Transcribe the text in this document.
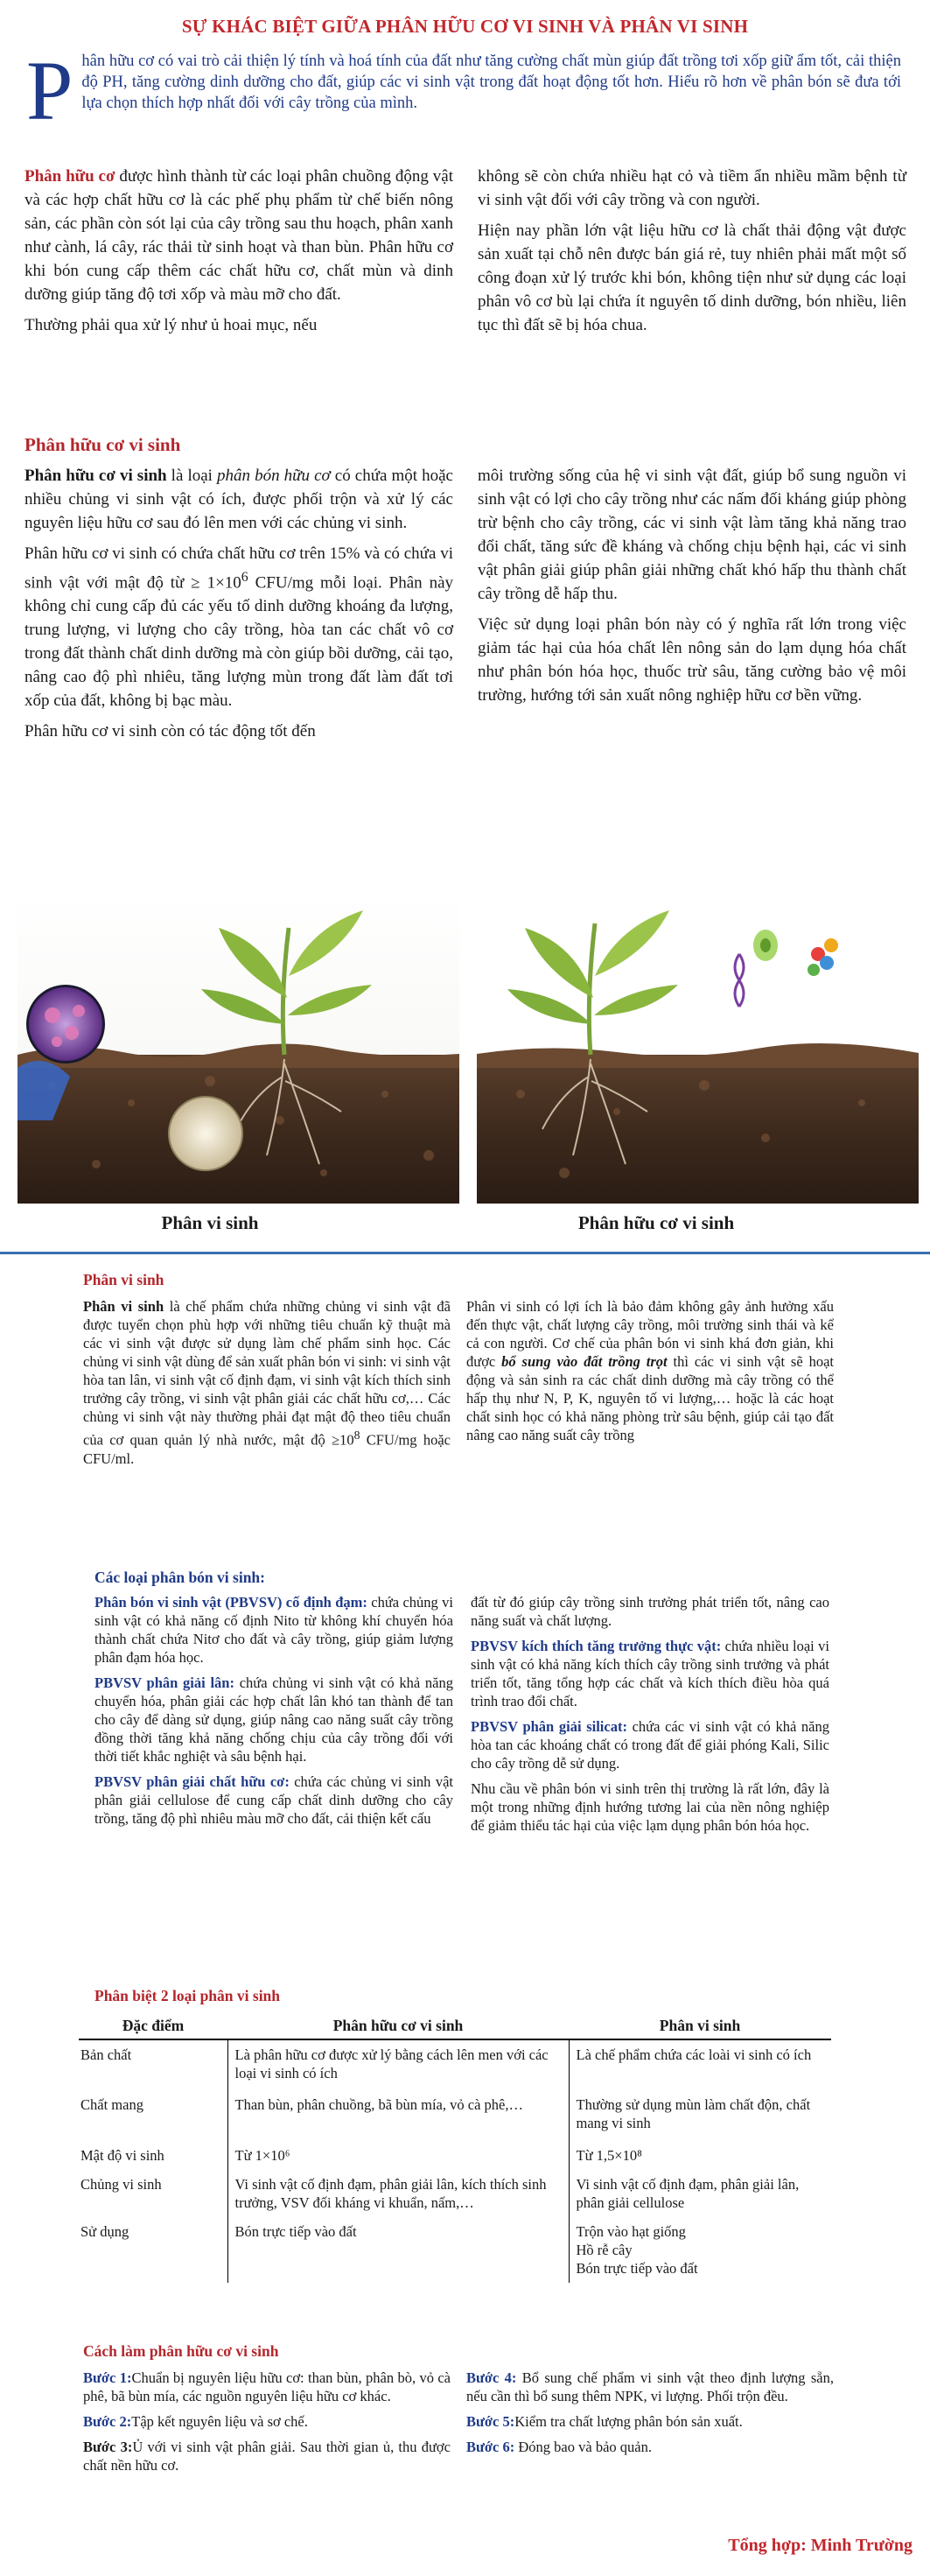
SỰ KHÁC BIỆT GIỮA PHÂN HỮU CƠ VI SINH VÀ PHÂN VI SINH
P hân hữu cơ có vai trò cải thiện lý tính và hoá tính của đất như tăng cường chất mùn giúp đất trồng tơi xốp giữ ẩm tốt, cải thiện độ PH, tăng cường dinh dưỡng cho đất, giúp các vi sinh vật trong đất hoạt động tốt hơn. Hiểu rõ hơn về phân bón sẽ đưa tới lựa chọn thích hợp nhất đối với cây trồng của mình.

Phân hữu cơ được hình thành từ các loại phân chuồng động vật và các hợp chất hữu cơ là các phế phụ phẩm từ chế biến nông sản, các phần còn sót lại của cây trồng sau thu hoạch, phân xanh như cành, lá cây, rác thải từ sinh hoạt và than bùn. Phân hữu cơ khi bón cung cấp thêm các chất hữu cơ, chất mùn và dinh dưỡng giúp tăng độ tơi xốp và màu mỡ cho đất.

Thường phải qua xử lý như ủ hoai mục, nếu

không sẽ còn chứa nhiều hạt cỏ và tiềm ẩn nhiều mầm bệnh từ vi sinh vật đối với cây trồng và con người.

Hiện nay phần lớn vật liệu hữu cơ là chất thải động vật được sản xuất tại chỗ nên được bán giá rẻ, tuy nhiên phải mất một số công đoạn xử lý trước khi bón, không tiện như sử dụng các loại phân vô cơ bù lại chứa ít nguyên tố dinh dưỡng, bón nhiều, liên tục thì đất sẽ bị hóa chua.

Phân hữu cơ vi sinh

Phân hữu cơ vi sinh là loại phân bón hữu cơ có chứa một hoặc nhiều chủng vi sinh vật có ích, được phối trộn và xử lý các nguyên liệu hữu cơ sau đó lên men với các chủng vi sinh.

Phân hữu cơ vi sinh có chứa chất hữu cơ trên 15% và có chứa vi sinh vật với mật độ từ ≥ $1\times 10^6$ CFU/mg mỗi loại. Phân này không chỉ cung cấp đủ các yếu tố dinh dưỡng khoáng đa lượng, trung lượng, vi lượng cho cây trồng, hòa tan các chất vô cơ trong đất thành chất dinh dưỡng mà còn giúp bồi dưỡng, cải tạo, nâng cao độ phì nhiêu, tăng lượng mùn trong đất làm đất tơi xốp của đất, không bị bạc màu.

Phân hữu cơ vi sinh còn có tác động tốt đến

môi trường sống của hệ vi sinh vật đất, giúp bổ sung nguồn vi sinh vật có lợi cho cây trồng như các nấm đối kháng giúp phòng trừ bệnh cho cây trồng, các vi sinh vật làm tăng khả năng trao đổi chất, tăng sức đề kháng và chống chịu bệnh hại, các vi sinh vật phân giải giúp phân giải những chất khó hấp thu thành chất cây trồng dễ hấp thu.

Việc sử dụng loại phân bón này có ý nghĩa rất lớn trong việc giảm tác hại của hóa chất lên nông sản do lạm dụng hóa chất như phân bón hóa học, thuốc trừ sâu, tăng cường bảo vệ môi trường, hướng tới sản xuất nông nghiệp hữu cơ bền vững.

Phân vi sinh	Phân hữu cơ vi sinh
Phân vi sinh

Phân vi sinh là chế phẩm chứa những chủng vi sinh vật đã được tuyển chọn phù hợp với những tiêu chuẩn kỹ thuật mà các vi sinh vật được sử dụng làm chế phẩm sinh học. Các chủng vi sinh vật dùng để sản xuất phân bón vi sinh: vi sinh vật hòa tan lân, vi sinh vật cố định đạm, vi sinh vật kích thích sinh trưởng cây trồng, vi sinh vật phân giải các chất hữu cơ,… Các chủng vi sinh vật này thường phải đạt mật độ theo tiêu chuẩn của cơ quan quản lý nhà nước, mật độ $\ge 10^8$ CFU/mg hoặc CFU/ml.

Phân vi sinh có lợi ích là bảo đảm không gây ảnh hưởng xấu đến thực vật, chất lượng cây trồng, môi trường sinh thái và kể cả con người. Cơ chế của phân bón vi sinh khá đơn giản, khi được bổ sung vào đất trồng trọt thì các vi sinh vật sẽ hoạt động và sản sinh ra các chất dinh dưỡng mà cây trồng có thể hấp thụ như N, P, K, nguyên tố vi lượng,… hoặc là các hoạt chất sinh học có khả năng phòng trừ sâu bệnh, giúp cải tạo đất nâng cao năng suất cây trồng

Các loại phân bón vi sinh:

Phân bón vi sinh vật (PBVSV) cố định đạm: chứa chủng vi sinh vật có khả năng cố định Nito từ không khí chuyển hóa thành chất chứa Nitơ cho đất và cây trồng, giúp giảm lượng phân đạm hóa học.

PBVSV phân giải lân: chứa chủng vi sinh vật có khả năng chuyển hóa, phân giải các hợp chất lân khó tan thành để tan cho cây để dàng sử dụng, giúp nâng cao năng suất cây trồng đồng thời tăng khả năng chống chịu của cây trồng đối với thời tiết khắc nghiệt và sâu bệnh hại.

PBVSV phân giải chất hữu cơ: chứa các chủng vi sinh vật phân giải cellulose để cung cấp chất dinh dưỡng cho cây trồng, tăng độ phì nhiêu màu mỡ cho đất, cải thiện kết cấu

đất từ đó giúp cây trồng sinh trưởng phát triển tốt, nâng cao năng suất và chất lượng.

PBVSV kích thích tăng trưởng thực vật: chứa nhiều loại vi sinh vật có khả năng kích thích cây trồng sinh trưởng và phát triển tốt, tăng tổng hợp các chất và kích thích điều hòa quá trình trao đổi chất.

PBVSV phân giải silicat: chứa các vi sinh vật có khả năng hòa tan các khoáng chất có trong đất để giải phóng Kali, Silic cho cây trồng dễ sử dụng.

Nhu cầu về phân bón vi sinh trên thị trường là rất lớn, đây là một trong những định hướng tương lai của nền nông nghiệp để giảm thiểu tác hại của việc lạm dụng phân bón hóa học.

Phân biệt 2 loại phân vi sinh
Đặc điểm	Phân hữu cơ vi sinh	Phân vi sinh
Bản chất	Là phân hữu cơ được xử lý bằng cách lên men với các loại vi sinh có ích	Là chế phẩm chứa các loài vi sinh có ích
Chất mang	Than bùn, phân chuồng, bã bùn mía, vỏ cà phê,…	Thường sử dụng mùn làm chất độn, chất mang vi sinh
Mật độ vi sinh	Từ 1×10⁶	Từ 1,5×10⁸
Chủng vi sinh	Vi sinh vật cố định đạm, phân giải lân, kích thích sinh trưởng, VSV đối kháng vi khuẩn, nấm,…	Vi sinh vật cố định đạm, phân giải lân, phân giải cellulose
Sử dụng	Bón trực tiếp vào đất	Trộn vào hạt giống
Hồ rễ cây
Bón trực tiếp vào đất
Cách làm phân hữu cơ vi sinh

Bước 1:Chuẩn bị nguyên liệu hữu cơ: than bùn, phân bò, vỏ cà phê, bã bùn mía, các nguồn nguyên liệu hữu cơ khác.

Bước 2:Tập kết nguyên liệu và sơ chế.

Bước 3:Ủ với vi sinh vật phân giải. Sau thời gian ủ, thu được chất nền hữu cơ.

Bước 4: Bổ sung chế phẩm vi sinh vật theo định lượng sẵn, nếu cần thì bổ sung thêm NPK, vi lượng. Phối trộn đều.

Bước 5:Kiểm tra chất lượng phân bón sản xuất.

Bước 6: Đóng bao và bảo quản.

Tổng hợp: Minh Trường
